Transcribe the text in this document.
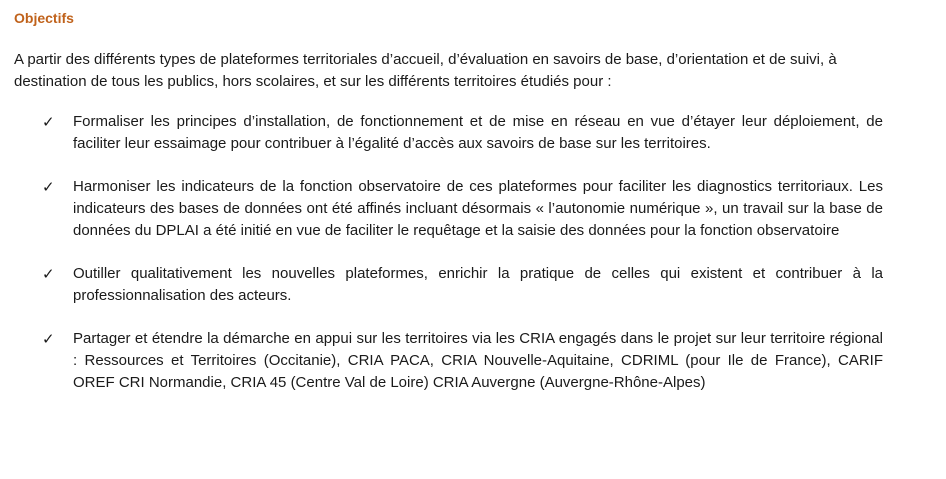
Objectifs

A partir des différents types de plateformes territoriales d’accueil, d’évaluation en savoirs de base, d’orientation et de suivi, à destination de tous les publics, hors scolaires, et sur les différents territoires étudiés pour :

✓ Formaliser les principes d’installation, de fonctionnement et de mise en réseau en vue d’étayer leur déploiement, de faciliter leur essaimage pour contribuer à l’égalité d’accès aux savoirs de base sur les territoires.
✓ Harmoniser les indicateurs de la fonction observatoire de ces plateformes pour faciliter les diagnostics territoriaux. Les indicateurs des bases de données ont été affinés incluant désormais « l’autonomie numérique », un travail sur la base de données du DPLAI a été initié en vue de faciliter le requêtage et la saisie des données pour la fonction observatoire
✓ Outiller qualitativement les nouvelles plateformes, enrichir la pratique de celles qui existent et contribuer à la professionnalisation des acteurs.
✓ Partager et étendre la démarche en appui sur les territoires via les CRIA engagés dans le projet sur leur territoire régional : Ressources et Territoires (Occitanie), CRIA PACA, CRIA Nouvelle-Aquitaine, CDRIML (pour Ile de France), CARIF OREF CRI Normandie, CRIA 45 (Centre Val de Loire) CRIA Auvergne (Auvergne-Rhône-Alpes)
